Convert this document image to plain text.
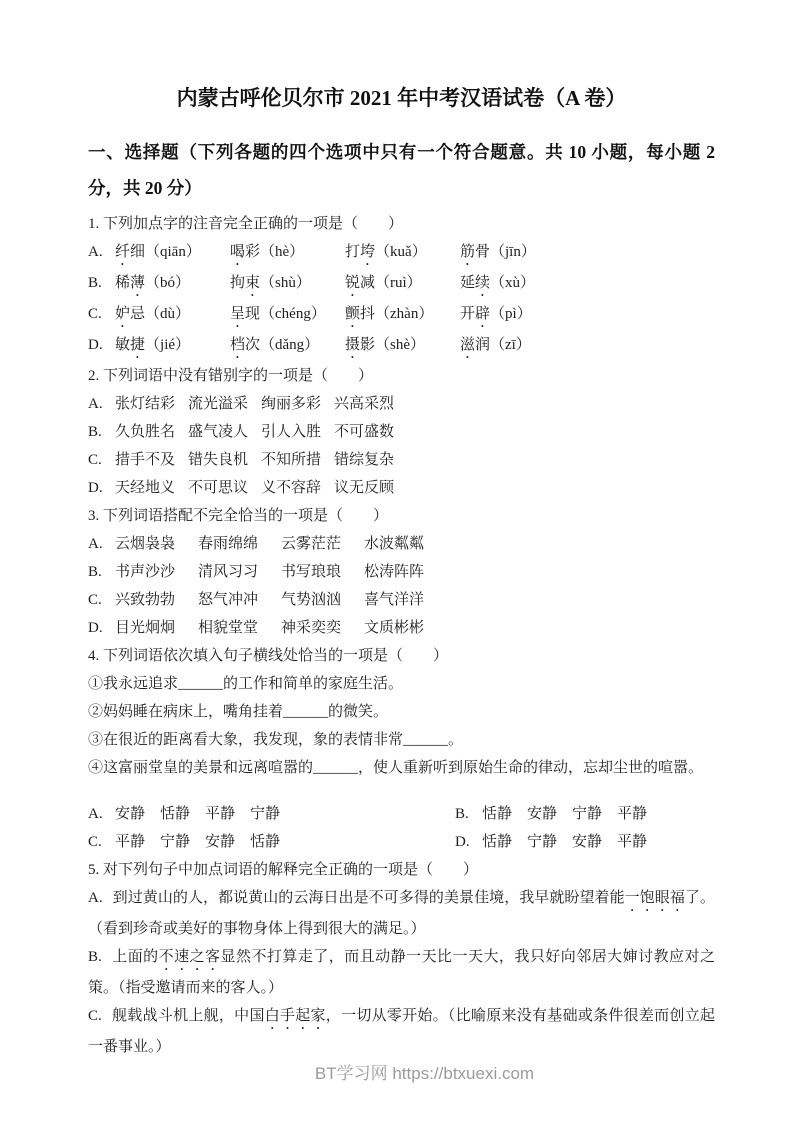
内蒙古呼伦贝尔市 2021 年中考汉语试卷（A 卷）
一、选择题（下列各题的四个选项中只有一个符合题意。共 10 小题，每小题 2 分，共 20 分）

1. 下列加点字的注音完全正确的一项是（　　）

A. 纤细（qiān）	喝彩（hè）	打垮（kuǎ）	筋骨（jīn）
B. 稀薄（bó）	拘束（shù）	锐减（ruì）	延续（xù）
C. 妒忌（dù）	呈现（chéng）	颤抖（zhàn）	开辟（pì）
D. 敏捷（jié）	档次（dǎng）	摄影（shè）	滋润（zī）

2. 下列词语中没有错别字的一项是（　　）

A. 张灯结彩 流光溢采 绚丽多彩 兴高采烈
B. 久负胜名 盛气凌人 引人入胜 不可盛数
C. 措手不及 错失良机 不知所措 错综复杂
D. 天经地义 不可思议 义不容辞 议无反顾

3. 下列词语搭配不完全恰当的一项是（　　）

A. 云烟袅袅	春雨绵绵	云雾茫茫	水波粼粼
B. 书声沙沙	清风习习	书写琅琅	松涛阵阵
C. 兴致勃勃	怒气冲冲	气势汹汹	喜气洋洋
D. 目光炯炯	相貌堂堂	神采奕奕	文质彬彬

4. 下列词语依次填入句子横线处恰当的一项是（　　）

①我永远追求______的工作和简单的家庭生活。

②妈妈睡在病床上，嘴角挂着______的微笑。

③在很近的距离看大象，我发现，象的表情非常______。

④这富丽堂皇的美景和远离喧嚣的______，使人重新听到原始生命的律动，忘却尘世的喧嚣。

A. 安静　恬静　平静　宁静	B. 恬静　安静　宁静　平静
C. 平静　宁静　安静　恬静	D. 恬静　宁静　安静　平静

5. 对下列句子中加点词语的解释完全正确的一项是（　　）

A. 到过黄山的人，都说黄山的云海日出是不可多得的美景佳境，我早就盼望着能一饱眼福了。（看到珍奇或美好的事物身体上得到很大的满足。）

B. 上面的不速之客显然不打算走了，而且动静一天比一天大，我只好向邻居大婶讨教应对之策。（指受邀请而来的客人。）

C. 舰载战斗机上舰，中国白手起家，一切从零开始。（比喻原来没有基础或条件很差而创立起一番事业。）

BT学习网 https://btxuexi.com
